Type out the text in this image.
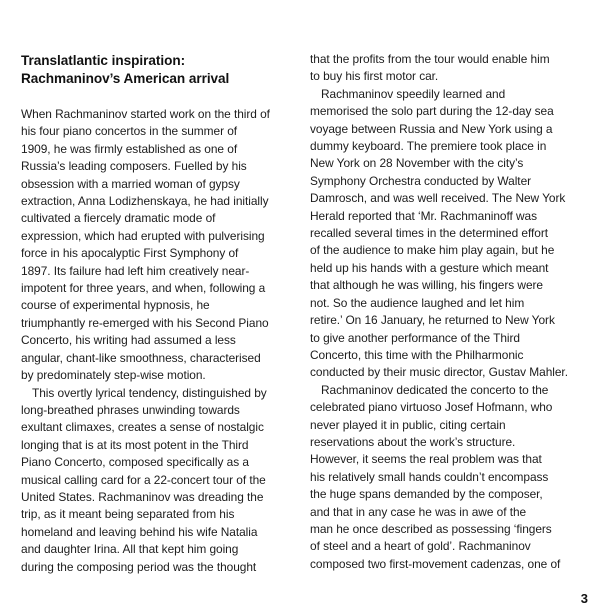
Translatlantic inspiration:
Rachmaninov’s American arrival

When Rachmaninov started work on the third of
his four piano concertos in the summer of
1909, he was firmly established as one of
Russia’s leading composers. Fuelled by his
obsession with a married woman of gypsy
extraction, Anna Lodizhenskaya, he had initially
cultivated a fiercely dramatic mode of
expression, which had erupted with pulverising
force in his apocalyptic First Symphony of
1897. Its failure had left him creatively near-
impotent for three years, and when, following a
course of experimental hypnosis, he
triumphantly re-emerged with his Second Piano
Concerto, his writing had assumed a less
angular, chant-like smoothness, characterised
by predominately step-wise motion.

This overtly lyrical tendency, distinguished by
long-breathed phrases unwinding towards
exultant climaxes, creates a sense of nostalgic
longing that is at its most potent in the Third
Piano Concerto, composed specifically as a
musical calling card for a 22-concert tour of the
United States. Rachmaninov was dreading the
trip, as it meant being separated from his
homeland and leaving behind his wife Natalia
and daughter Irina. All that kept him going
during the composing period was the thought

that the profits from the tour would enable him
to buy his first motor car.

Rachmaninov speedily learned and
memorised the solo part during the 12-day sea
voyage between Russia and New York using a
dummy keyboard. The premiere took place in
New York on 28 November with the city’s
Symphony Orchestra conducted by Walter
Damrosch, and was well received. The New York
Herald reported that ‘Mr. Rachmaninoff was
recalled several times in the determined effort
of the audience to make him play again, but he
held up his hands with a gesture which meant
that although he was willing, his fingers were
not. So the audience laughed and let him
retire.’ On 16 January, he returned to New York
to give another performance of the Third
Concerto, this time with the Philharmonic
conducted by their music director, Gustav Mahler.

Rachmaninov dedicated the concerto to the
celebrated piano virtuoso Josef Hofmann, who
never played it in public, citing certain
reservations about the work’s structure.
However, it seems the real problem was that
his relatively small hands couldn’t encompass
the huge spans demanded by the composer,
and that in any case he was in awe of the
man he once described as possessing ‘fingers
of steel and a heart of gold’. Rachmaninov
composed two first-movement cadenzas, one of

3
